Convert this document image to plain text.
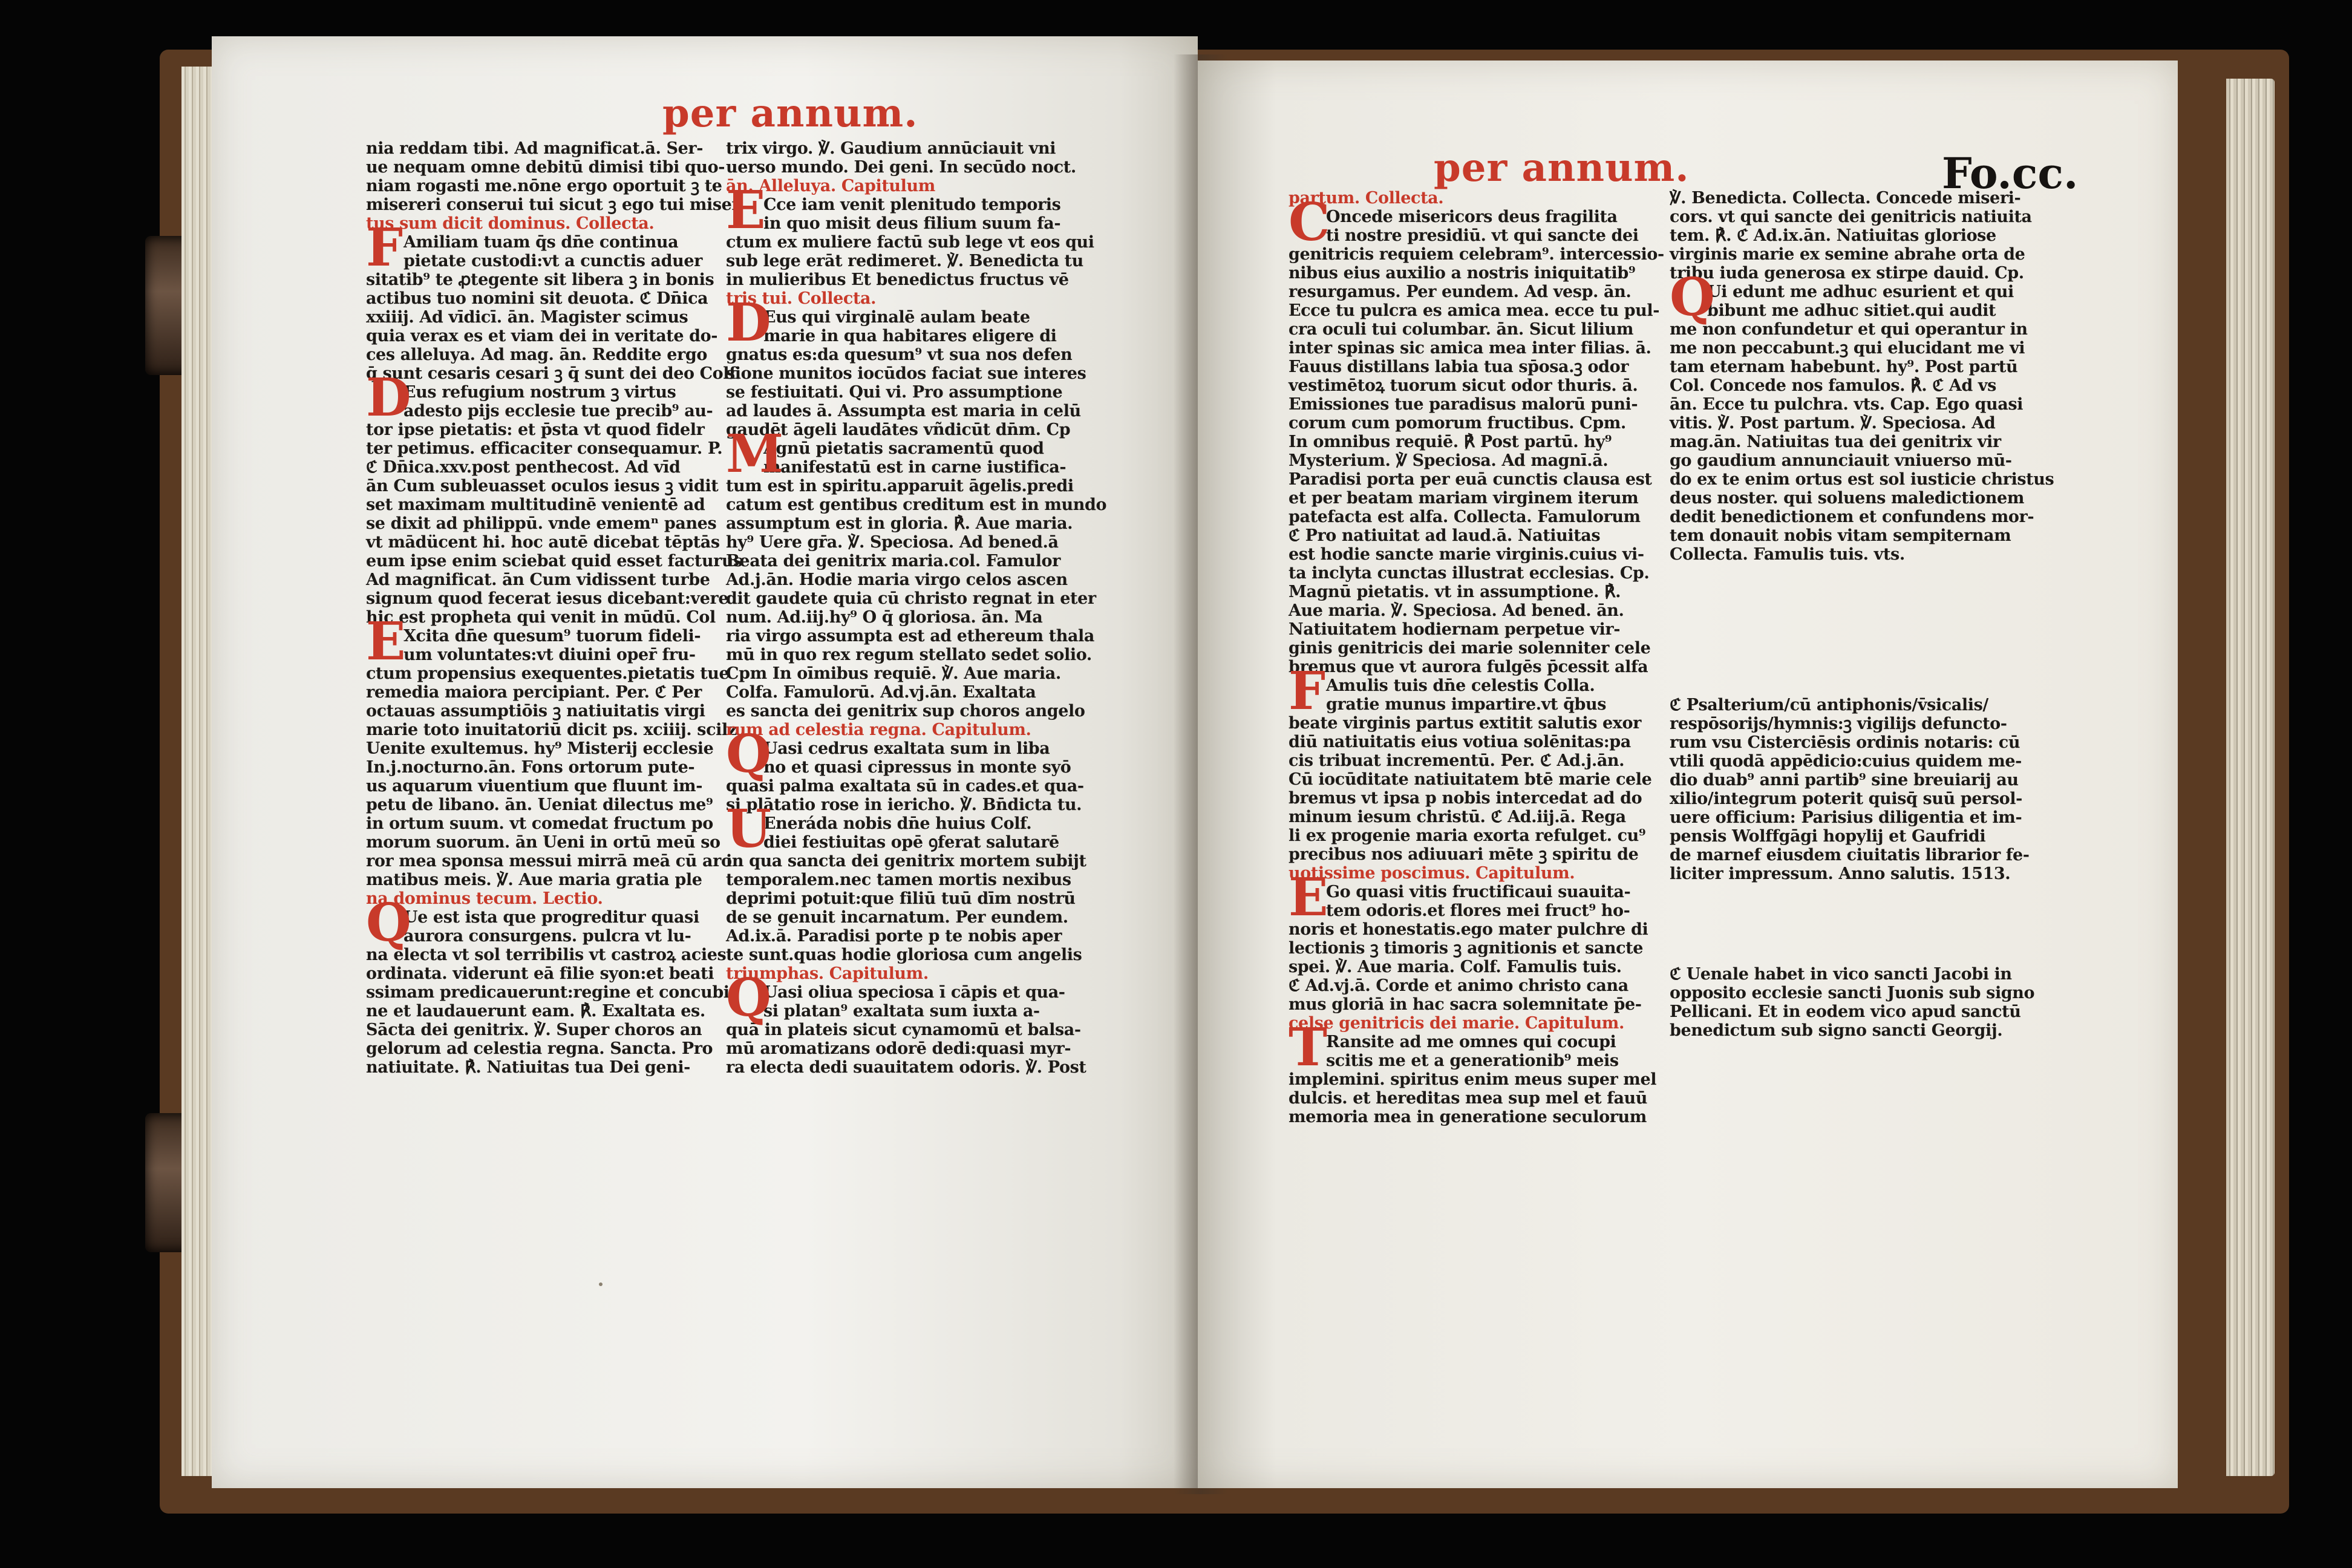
per annum.
nia reddam tibi. Ad magnificat.ā. Ser-
ue nequam omne debitū dimisi tibi quo-
niam rogasti me.nōne ergo oportuit ꝫ te
misereri conserui tui sicut ꝫ ego tui miser
tus sum dicit dominus. Collecta.
Amiliam tuam q̄s dn̄e continua
pietate custodi:vt a cunctis aduer
sitatib⁹ te ꝓtegente sit libera ꝫ in bonis
actibus tuo nomini sit deuota. ℭ Dn̄ica
xxiiij. Ad vīdicī. ān. Magister scimus
quia verax es et viam dei in veritate do-
ces alleluya. Ad mag. ān. Reddite ergo
q̄ sunt cesaris cesari ꝫ q̄ sunt dei deo Colf.
Eus refugium nostrum ꝫ virtus
adesto pijs ecclesie tue precib⁹ au-
tor ipse pietatis: et p̄sta vt quod fidelr
ter petimus. efficaciter consequamur. P.
ℭ Dn̄ica.xxv.post penthecost. Ad vīd
ān Cum subleuasset oculos iesus ꝫ vidit
set maximam multitudinē venientē ad
se dixit ad philippū. vnde ememⁿ panes
vt mādücent hi. hoc autē dicebat tēptās
eum ipse enim sciebat quid esset facturus
Ad magnificat. ān Cum vidissent turbe
signum quod fecerat iesus dicebant:vere
hic est propheta qui venit in mūdū. Col
Xcita dn̄e quesum⁹ tuorum fideli-
um voluntates:vt diuini oper̄ fru-
ctum propensius exequentes.pietatis tue
remedia maiora percipiant. Per. ℭ Per
octauas assumptiōis ꝫ natiuitatis virgi
marie toto inuitatoriū dicit ps. xciiij. scilz
Uenite exultemus. hy⁹ Misterij ecclesie
In.j.nocturno.ān. Fons ortorum pute-
us aquarum viuentium que fluunt im-
petu de libano. ān. Ueniat dilectus me⁹
in ortum suum. vt comedat fructum po
morum suorum. ān Ueni in ortū meū so
ror mea sponsa messui mirrā meā cū aro
matibus meis. ℣. Aue maria gratia ple
na dominus tecum. Lectio.
Ue est ista que progreditur quasi
aurora consurgens. pulcra vt lu-
na electa vt sol terribilis vt castroꝝ acies
ordinata. viderunt eā filie syon:et beati
ssimam predicauerunt:regine et concubi-
ne et laudauerunt eam. ℟. Exaltata es.
Sācta dei genitrix. ℣. Super choros an
gelorum ad celestia regna. Sancta. Pro
natiuitate. ℟. Natiuitas tua Dei geni-
F
D
E
Q
trix virgo. ℣. Gaudium annūciauit vni
uerso mundo. Dei geni. In secūdo noct.
ān. Alleluya. Capitulum
Cce iam venit plenitudo temporis
in quo misit deus filium suum fa-
ctum ex muliere factū sub lege vt eos qui
sub lege erāt redimeret. ℣. Benedicta tu
in mulieribus Et benedictus fructus vē
tris tui. Collecta.
Eus qui virginalē aulam beate
marie in qua habitares eligere di
gnatus es:da quesum⁹ vt sua nos defen
sione munitos iocūdos faciat sue interes
se festiuitati. Qui vi. Pro assumptione
ad laudes ā. Assumpta est maria in celū
gaudēt āgeli laudātes vñdicūt dn̄m. Cp
Agnū pietatis sacramentū quod
manifestatū est in carne iustifica-
tum est in spiritu.apparuit āgelis.predi
catum est gentibus creditum est in mundo
assumptum est in gloria. ℟. Aue maria.
hy⁹ Uere gr̄a. ℣. Speciosa. Ad bened.ā
Beata dei genitrix maria.col. Famulor
Ad.j.ān. Hodie maria virgo celos ascen
dit gaudete quia cū christo regnat in eter
num. Ad.iij.hy⁹ O q̄ gloriosa. ān. Ma
ria virgo assumpta est ad ethereum thala
mū in quo rex regum stellato sedet solio.
Cpm In oīmibus requiē. ℣. Aue maria.
Colfa. Famulorū. Ad.vj.ān. Exaltata
es sancta dei genitrix sup choros angelo
rum ad celestia regna. Capitulum.
Uasi cedrus exaltata sum in liba
no et quasi cipressus in monte syō
quasi palma exaltata sū in cades.et qua-
si plātatio rose in iericho. ℣. Bn̄dicta tu.
Eneráda nobis dn̄e huius Colf.
diei festiuitas opē ꝯferat salutarē
in qua sancta dei genitrix mortem subijt
temporalem.nec tamen mortis nexibus
deprimi potuit:que filiū tuū dīm nostrū
de se genuit incarnatum. Per eundem.
Ad.ix.ā. Paradisi porte p te nobis aper
te sunt.quas hodie gloriosa cum angelis
triumphas. Capitulum.
Uasi oliua speciosa ī cāpis et qua-
si platan⁹ exaltata sum iuxta a-
quā in plateis sicut cynamomū et balsa-
mū aromatizans odorē dedi:quasi myr-
ra electa dedi suauitatem odoris. ℣. Post
E
D
M
Q
U
Q
per annum.	Fo.cc.
partum. Collecta.
Oncede misericors deus fragilita
ti nostre presidiū. vt qui sancte dei
genitricis requiem celebram⁹. intercessio-
nibus eius auxilio a nostris iniquitatib⁹
resurgamus. Per eundem. Ad vesp. ān.
Ecce tu pulcra es amica mea. ecce tu pul-
cra oculi tui columbar. ān. Sicut lilium
inter spinas sic amica mea inter filias. ā.
Fauus distillans labia tua sp̄osa.ꝫ odor
vestimētoꝝ tuorum sicut odor thuris. ā.
Emissiones tue paradisus malorū puni-
corum cum pomorum fructibus. Cpm.
In omnibus requiē. ℟ Post partū. hy⁹
Mysterium. ℣ Speciosa. Ad magnī.ā.
Paradisi porta per euā cunctis clausa est
et per beatam mariam virginem iterum
patefacta est alfa. Collecta. Famulorum
ℭ Pro natiuitat ad laud.ā. Natiuitas
est hodie sancte marie virginis.cuius vi-
ta inclyta cunctas illustrat ecclesias. Cp.
Magnū pietatis. vt in assumptione. ℟.
Aue maria. ℣. Speciosa. Ad bened. ān.
Natiuitatem hodiernam perpetue vir-
ginis genitricis dei marie solenniter cele
bremus que vt aurora fulgēs p̄cessit alfa
Amulis tuis dn̄e celestis Colla.
gratie munus impartire.vt q̄bus
beate virginis partus extitit salutis exor
diū natiuitatis eius votiua solēnitas:pa
cis tribuat incrementū. Per. ℭ Ad.j.ān.
Cū iocūditate natiuitatem btē marie cele
bremus vt ipsa p nobis intercedat ad do
minum iesum christū. ℭ Ad.iij.ā. Rega
li ex progenie maria exorta refulget. cu⁹
precibus nos adiuuari mēte ꝫ spiritu de
uotissime poscimus. Capitulum.
Go quasi vitis fructificaui suauita-
tem odoris.et flores mei fruct⁹ ho-
noris et honestatis.ego mater pulchre di
lectionis ꝫ timoris ꝫ agnitionis et sancte
spei. ℣. Aue maria. Colf. Famulis tuis.
ℭ Ad.vj.ā. Corde et animo christo cana
mus gloriā in hac sacra solemnitate p̄e-
celse genitricis dei marie. Capitulum.
Ransite ad me omnes qui cocupi
scitis me et a generationib⁹ meis
implemini. spiritus enim meus super mel
dulcis. et hereditas mea sup mel et fauū
memoria mea in generatione seculorum
C
F
E
T
℣. Benedicta. Collecta. Concede miseri-
cors. vt qui sancte dei genitricis natiuita
tem. ℟. ℭ Ad.ix.ān. Natiuitas gloriose
virginis marie ex semine abrahe orta de
tribu iuda generosa ex stirpe dauid. Cp.
Ui edunt me adhuc esurient et qui
bibunt me adhuc sitiet.qui audit
me non confundetur et qui operantur in
me non peccabunt.ꝫ qui elucidant me vi
tam eternam habebunt. hy⁹. Post partū
Col. Concede nos famulos. ℟. ℭ Ad vs
ān. Ecce tu pulchra. vts. Cap. Ego quasi
vitis. ℣. Post partum. ℣. Speciosa. Ad
mag.ān. Natiuitas tua dei genitrix vir
go gaudium annunciauit vniuerso mū-
do ex te enim ortus est sol iusticie christus
deus noster. qui soluens maledictionem
dedit benedictionem et confundens mor-
tem donauit nobis vitam sempiternam
Collecta. Famulis tuis. vts.
Q
ℭ Psalterium/cū antiphonis/v̄sicalis/
respōsorijs/hymnis:ꝫ vigilijs defuncto-
rum vsu Cisterciēsis ordinis notaris: cū
vtili quodā appēdicio:cuius quidem me-
dio duab⁹ anni partib⁹ sine breuiarij au
xilio/integrum poterit quisq̄ suū persol-
uere officium: Parisius diligentia et im-
pensis Wolffgāgi hopylij et Gaufridi
de marnef eiusdem ciuitatis librarior fe-
liciter impressum. Anno salutis. 1513.
ℭ Uenale habet in vico sancti Jacobi in
opposito ecclesie sancti Juonis sub signo
Pellicani. Et in eodem vico apud sanctū
benedictum sub signo sancti Georgij.
